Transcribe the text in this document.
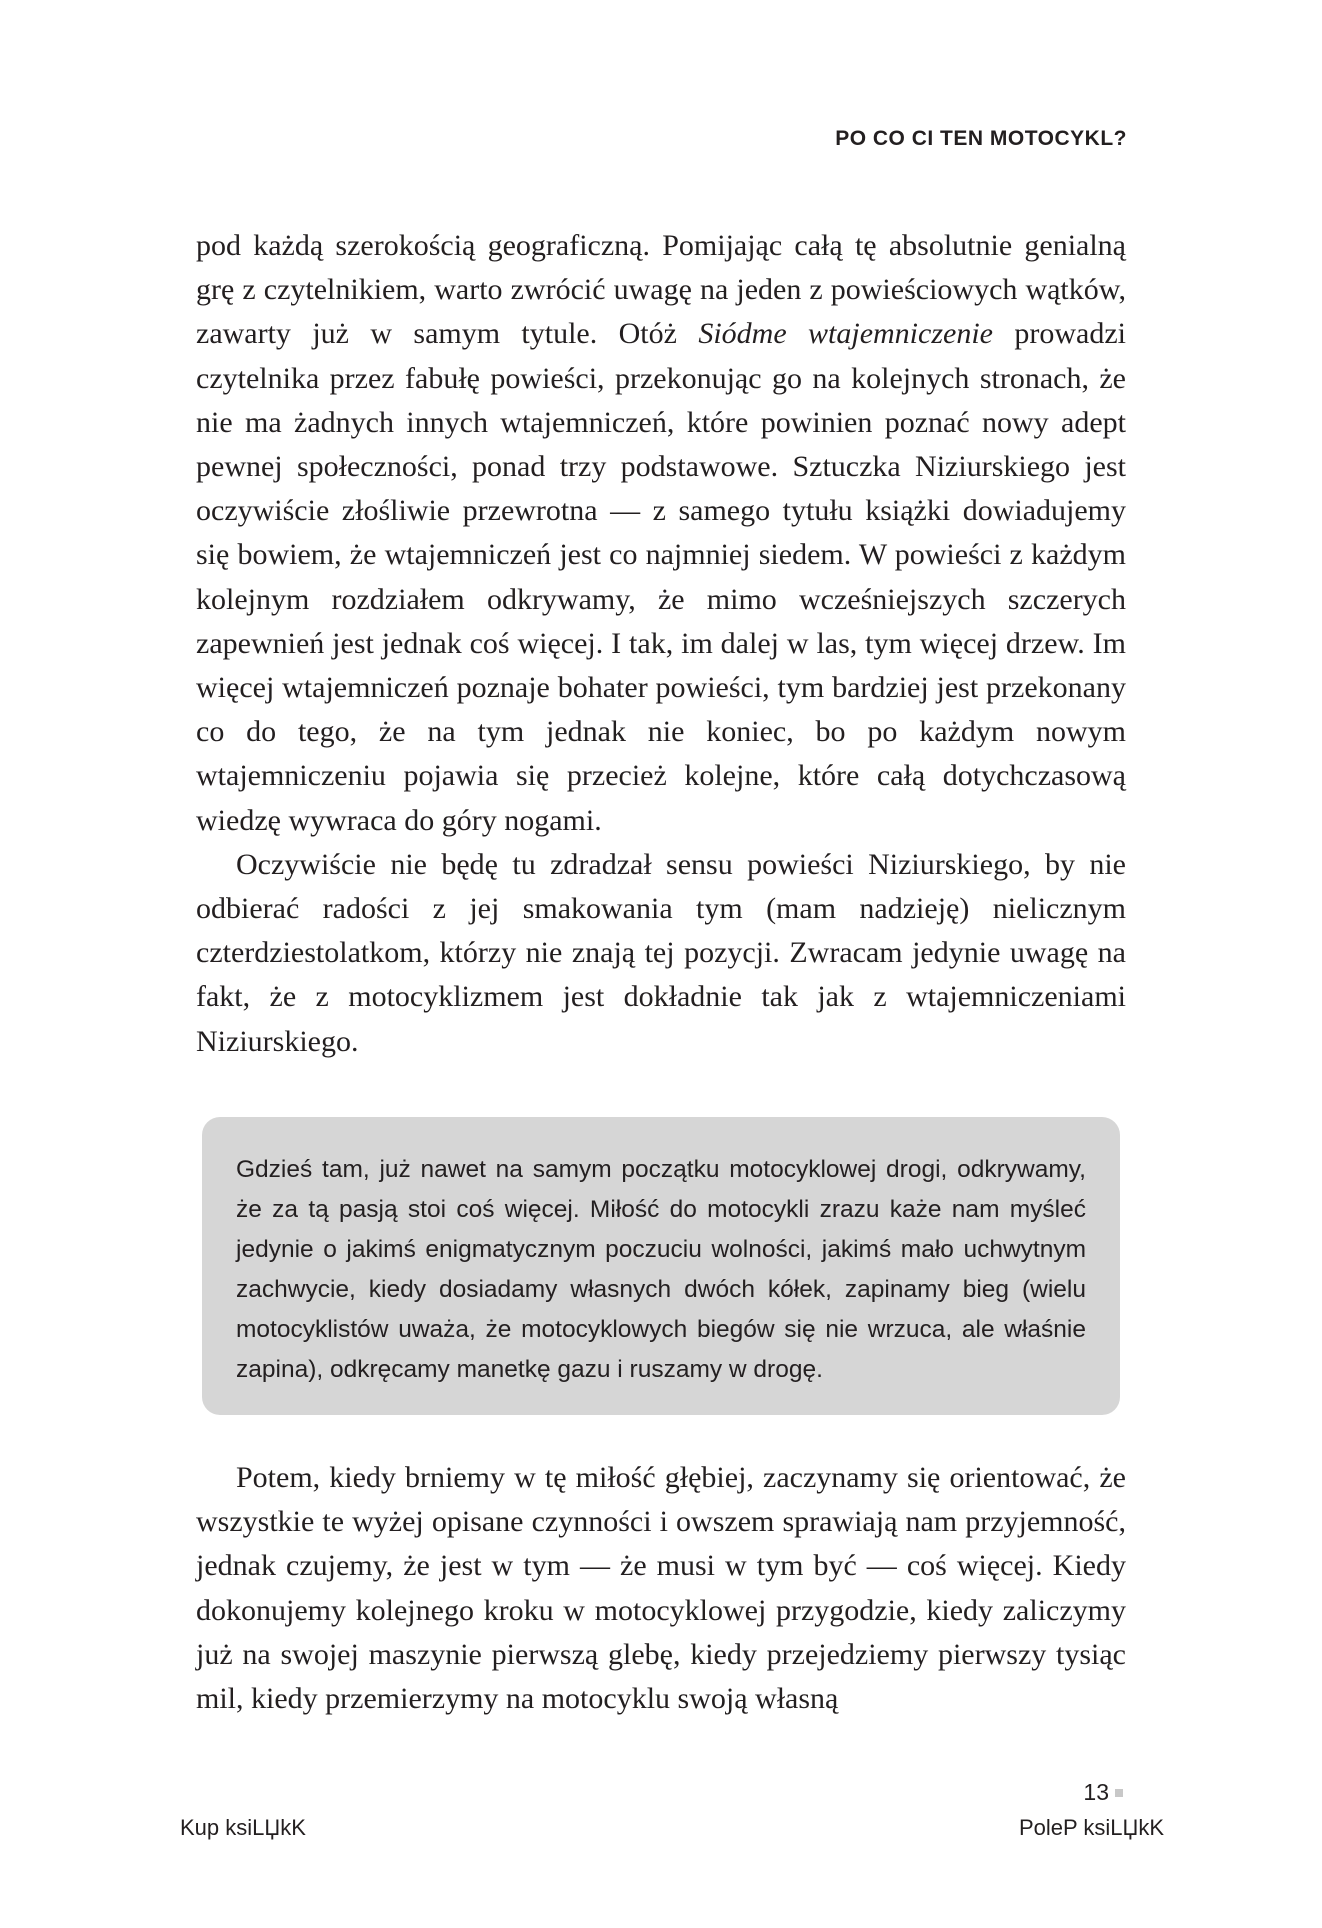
PO CO CI TEN MOTOCYKL?

pod każdą szerokością geograficzną. Pomijając całą tę absolutnie genialną grę z czytelnikiem, warto zwrócić uwagę na jeden z powieściowych wątków, zawarty już w samym tytule. Otóż Siódme wtajemniczenie prowadzi czytelnika przez fabułę powieści, przekonując go na kolejnych stronach, że nie ma żadnych innych wtajemniczeń, które powinien poznać nowy adept pewnej społeczności, ponad trzy podstawowe. Sztuczka Niziurskiego jest oczywiście złośliwie przewrotna — z samego tytułu książki dowiadujemy się bowiem, że wtajemniczeń jest co najmniej siedem. W powieści z każdym kolejnym rozdziałem odkrywamy, że mimo wcześniejszych szczerych zapewnień jest jednak coś więcej. I tak, im dalej w las, tym więcej drzew. Im więcej wtajemniczeń poznaje bohater powieści, tym bardziej jest przekonany co do tego, że na tym jednak nie koniec, bo po każdym nowym wtajemniczeniu pojawia się przecież kolejne, które całą dotychczasową wiedzę wywraca do góry nogami.

Oczywiście nie będę tu zdradzał sensu powieści Niziurskiego, by nie odbierać radości z jej smakowania tym (mam nadzieję) nielicznym czterdziestolatkom, którzy nie znają tej pozycji. Zwracam jedynie uwagę na fakt, że z motocyklizmem jest dokładnie tak jak z wtajemniczeniami Niziurskiego.

Gdzieś tam, już nawet na samym początku motocyklowej drogi, odkrywamy, że za tą pasją stoi coś więcej. Miłość do motocykli zrazu każe nam myśleć jedynie o jakimś enigmatycznym poczuciu wolności, jakimś mało uchwytnym zachwycie, kiedy dosiadamy własnych dwóch kółek, zapinamy bieg (wielu motocyklistów uważa, że motocyklowych biegów się nie wrzuca, ale właśnie zapina), odkręcamy manetkę gazu i ruszamy w drogę.

Potem, kiedy brniemy w tę miłość głębiej, zaczynamy się orientować, że wszystkie te wyżej opisane czynności i owszem sprawiają nam przyjemność, jednak czujemy, że jest w tym — że musi w tym być — coś więcej. Kiedy dokonujemy kolejnego kroku w motocyklowej przygodzie, kiedy zaliczymy już na swojej maszynie pierwszą glebę, kiedy przejedziemy pierwszy tysiąc mil, kiedy przemierzymy na motocyklu swoją własną

13
Kup ksiLЏkK	PoleP ksiLЏkK
